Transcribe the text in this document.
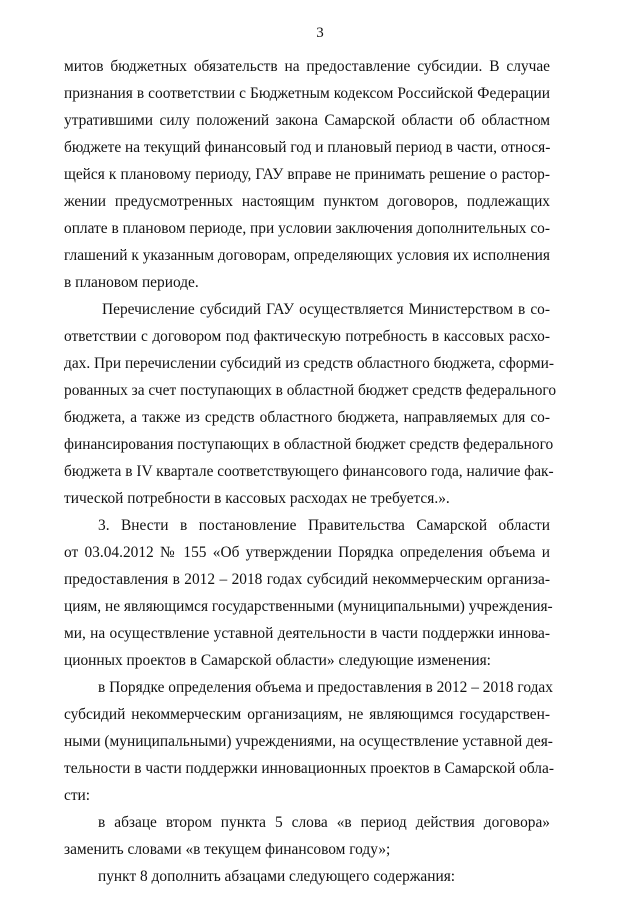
3
митов бюджетных обязательств на предоставление субсидии. В случае
признания в соответствии с Бюджетным кодексом Российской Федерации
утратившими силу положений закона Самарской области об областном
бюджете на текущий финансовый год и плановый период в части, относя-
щейся к плановому периоду, ГАУ вправе не принимать решение о растор-
жении предусмотренных настоящим пунктом договоров, подлежащих
оплате в плановом периоде, при условии заключения дополнительных со-
глашений к указанным договорам, определяющих условия их исполнения
в плановом периоде.
Перечисление субсидий ГАУ осуществляется Министерством в со-
ответствии с договором под фактическую потребность в кассовых расхо-
дах. При перечислении субсидий из средств областного бюджета, сформи-
рованных за счет поступающих в областной бюджет средств федерального
бюджета, а также из средств областного бюджета, направляемых для со-
финансирования поступающих в областной бюджет средств федерального
бюджета в IV квартале соответствующего финансового года, наличие фак-
тической потребности в кассовых расходах не требуется.».
3. Внести в постановление Правительства Самарской области
от 03.04.2012 № 155 «Об утверждении Порядка определения объема и
предоставления в 2012 – 2018 годах субсидий некоммерческим организа-
циям, не являющимся государственными (муниципальными) учреждения-
ми, на осуществление уставной деятельности в части поддержки иннова-
ционных проектов в Самарской области» следующие изменения:
в Порядке определения объема и предоставления в 2012 – 2018 годах
субсидий некоммерческим организациям, не являющимся государствен-
ными (муниципальными) учреждениями, на осуществление уставной дея-
тельности в части поддержки инновационных проектов в Самарской обла-
сти:
в абзаце втором пункта 5 слова «в период действия договора»
заменить словами «в текущем финансовом году»;
пункт 8 дополнить абзацами следующего содержания:
